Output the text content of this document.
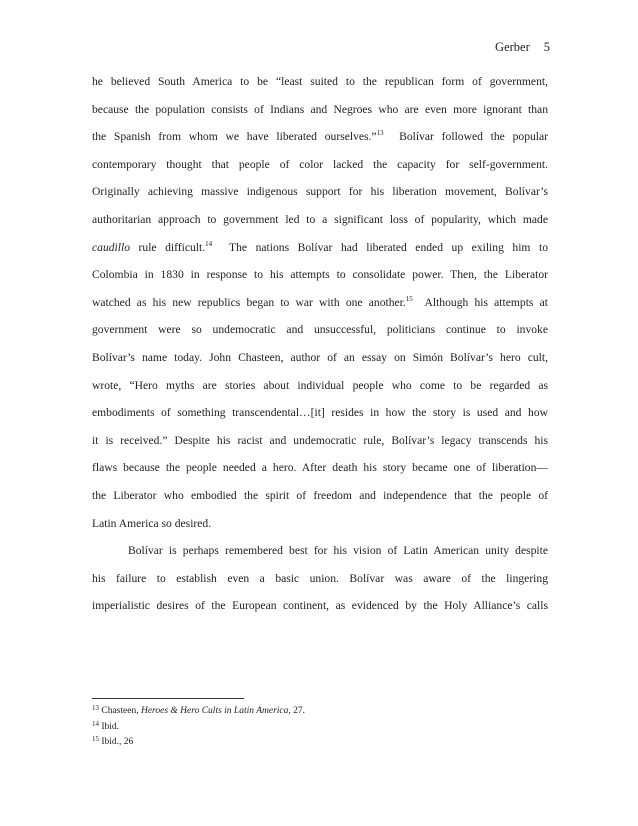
Gerber 5
he believed South America to be “least suited to the republican form of government,
because the population consists of Indians and Negroes who are even more ignorant than
the Spanish from whom we have liberated ourselves.”$^{13}$ Bolívar followed the popular
contemporary thought that people of color lacked the capacity for self-government.
Originally achieving massive indigenous support for his liberation movement, Bolívar’s
authoritarian approach to government led to a significant loss of popularity, which made
caudillo rule difficult.$^{14}$ The nations Bolívar had liberated ended up exiling him to
Colombia in 1830 in response to his attempts to consolidate power. Then, the Liberator
watched as his new republics began to war with one another.$^{15}$ Although his attempts at
government were so undemocratic and unsuccessful, politicians continue to invoke
Bolívar’s name today. John Chasteen, author of an essay on Simón Bolívar’s hero cult,
wrote, “Hero myths are stories about individual people who come to be regarded as
embodiments of something transcendental…[it] resides in how the story is used and how
it is received.” Despite his racist and undemocratic rule, Bolívar’s legacy transcends his
flaws because the people needed a hero. After death his story became one of liberation—
the Liberator who embodied the spirit of freedom and independence that the people of
Latin America so desired.
Bolívar is perhaps remembered best for his vision of Latin American unity despite
his failure to establish even a basic union. Bolívar was aware of the lingering
imperialistic desires of the European continent, as evidenced by the Holy Alliance’s calls
$^{13}$ Chasteen, Heroes & Hero Cults in Latin America, 27.
$^{14}$ Ibid.
$^{15}$ Ibid., 26
